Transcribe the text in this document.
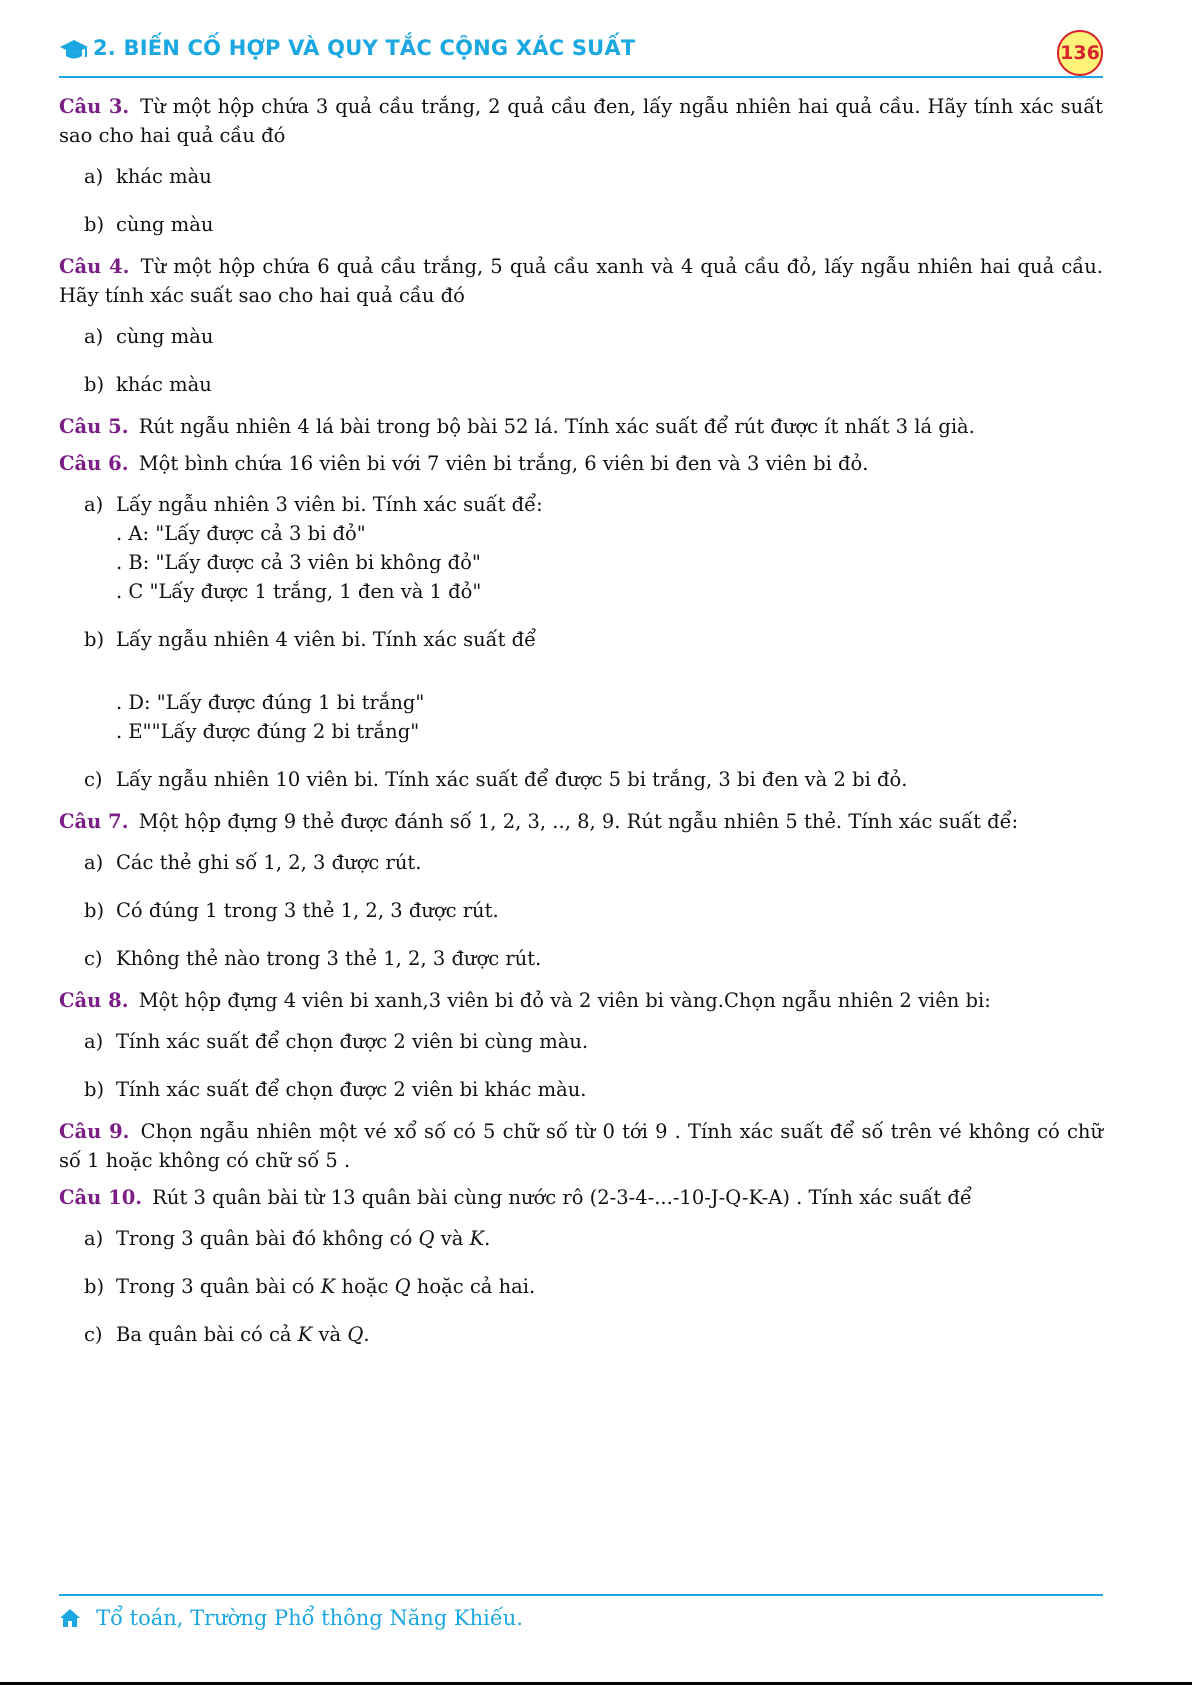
2. BIẾN CỐ HỢP VÀ QUY TẮC CỘNG XÁC SUẤT	136

Câu 3. Từ một hộp chứa 3 quả cầu trắng, 2 quả cầu đen, lấy ngẫu nhiên hai quả cầu. Hãy tính xác suất sao cho hai quả cầu đó

a) khác màu
b) cùng màu

Câu 4. Từ một hộp chứa 6 quả cầu trắng, 5 quả cầu xanh và 4 quả cầu đỏ, lấy ngẫu nhiên hai quả cầu. Hãy tính xác suất sao cho hai quả cầu đó

a) cùng màu
b) khác màu

Câu 5. Rút ngẫu nhiên 4 lá bài trong bộ bài 52 lá. Tính xác suất để rút được ít nhất 3 lá già.

Câu 6. Một bình chứa 16 viên bi với 7 viên bi trắng, 6 viên bi đen và 3 viên bi đỏ.

a) Lấy ngẫu nhiên 3 viên bi. Tính xác suất để:
. A: "Lấy được cả 3 bi đỏ"
. B: "Lấy được cả 3 viên bi không đỏ"
. C "Lấy được 1 trắng, 1 đen và 1 đỏ"
b) Lấy ngẫu nhiên 4 viên bi. Tính xác suất để
. D: "Lấy được đúng 1 bi trắng"
. E""Lấy được đúng 2 bi trắng"
c) Lấy ngẫu nhiên 10 viên bi. Tính xác suất để được 5 bi trắng, 3 bi đen và 2 bi đỏ.

Câu 7. Một hộp đựng 9 thẻ được đánh số 1, 2, 3, .., 8, 9. Rút ngẫu nhiên 5 thẻ. Tính xác suất để:

a) Các thẻ ghi số 1, 2, 3 được rút.
b) Có đúng 1 trong 3 thẻ 1, 2, 3 được rút.
c) Không thẻ nào trong 3 thẻ 1, 2, 3 được rút.

Câu 8. Một hộp đựng 4 viên bi xanh,3 viên bi đỏ và 2 viên bi vàng.Chọn ngẫu nhiên 2 viên bi:

a) Tính xác suất để chọn được 2 viên bi cùng màu.
b) Tính xác suất để chọn được 2 viên bi khác màu.

Câu 9. Chọn ngẫu nhiên một vé xổ số có 5 chữ số từ 0 tới 9 . Tính xác suất để số trên vé không có chữ số 1 hoặc không có chữ số 5 .

Câu 10. Rút 3 quân bài từ 13 quân bài cùng nước rô (2-3-4-...-10-J-Q-K-A) . Tính xác suất để

a) Trong 3 quân bài đó không có Q và K.
b) Trong 3 quân bài có K hoặc Q hoặc cả hai.
c) Ba quân bài có cả K và Q.
Tổ toán, Trường Phổ thông Năng Khiếu.
